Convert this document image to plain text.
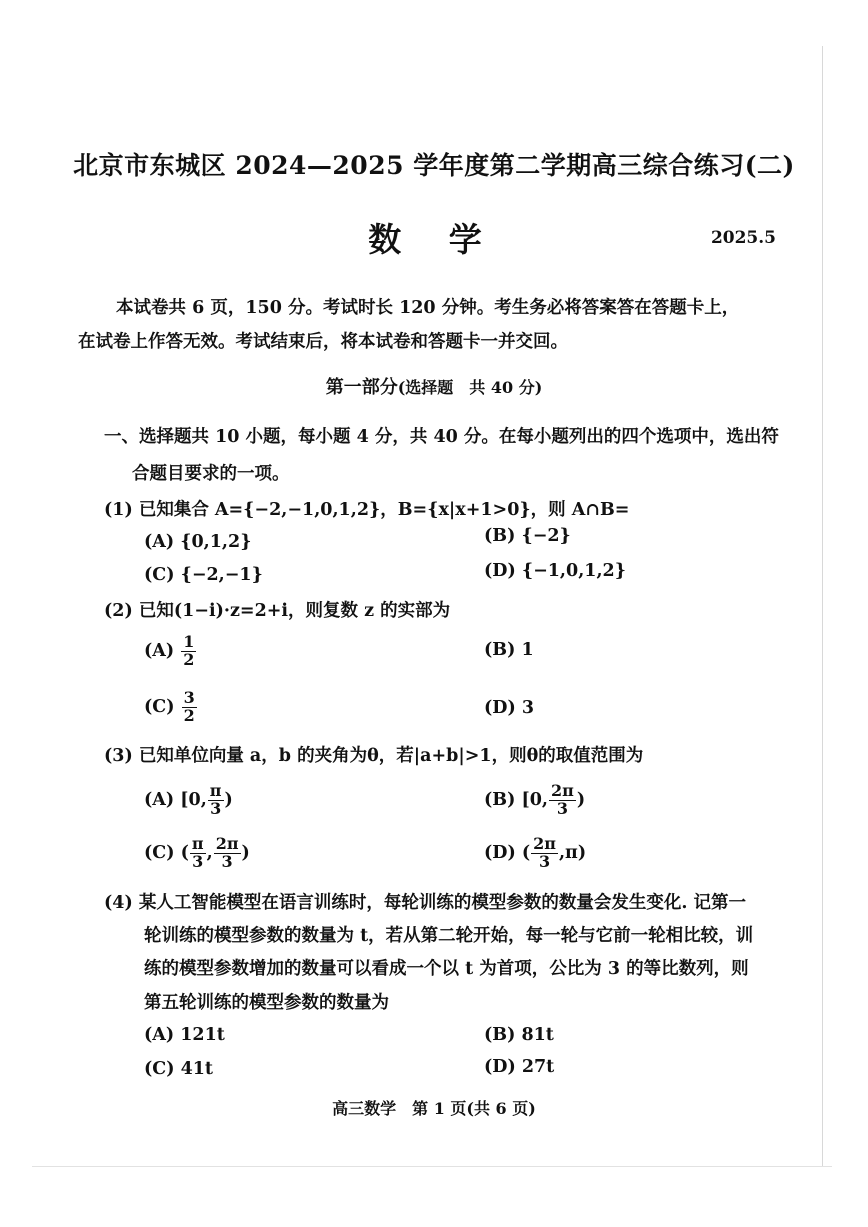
北京市东城区 2024—2025 学年度第二学期高三综合练习(二)
数 学	2025.5
本试卷共 6 页，150 分。考试时长 120 分钟。考生务必将答案答在答题卡上，
在试卷上作答无效。考试结束后，将本试卷和答题卡一并交回。
第一部分(选择题　共 40 分)
一、选择题共 10 小题，每小题 4 分，共 40 分。在每小题列出的四个选项中，选出符
合题目要求的一项。
(1) 已知集合 A={−2,−1,0,1,2}，B={x|x+1>0}，则 A∩B=
(A) {0,1,2}	(B) {−2}
(C) {−2,−1}	(D) {−1,0,1,2}
(2) 已知(1−i)·z=2+i，则复数 z 的实部为
$(A) \frac{1}{2}$	(B) 1
$(C) \frac{3}{2}$	(D) 3
(3) 已知单位向量 a，b 的夹角为θ，若|a+b|>1，则θ的取值范围为
(A) [0, $\frac{\pi}{3}$ )	(B) [0, $\frac{2\pi}{3}$ )
(C) ( $\frac{\pi}{3}$ , $\frac{2\pi}{3}$ )	(D) ( $\frac{2\pi}{3} ,\pi$)
(4) 某人工智能模型在语言训练时，每轮训练的模型参数的数量会发生变化. 记第一
轮训练的模型参数的数量为 t，若从第二轮开始，每一轮与它前一轮相比较，训
练的模型参数增加的数量可以看成一个以 t 为首项，公比为 3 的等比数列，则
第五轮训练的模型参数的数量为
(A) 121t	(B) 81t
(C) 41t	(D) 27t
高三数学　第 1 页(共 6 页)
